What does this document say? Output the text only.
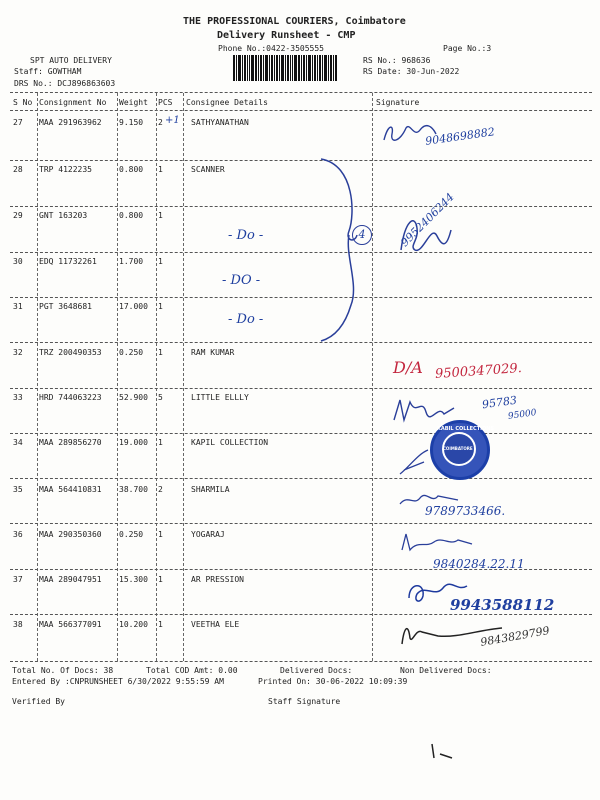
THE PROFESSIONAL COURIERS, Coimbatore
Delivery Runsheet - CMP
Phone No.:0422-3505555	Page No.:3
SPT AUTO DELIVERY
Staff: GOWTHAM
DRS No.: DCJ896863603
RS No.: 968636
RS Date: 30-Jun-2022
S No Consignment No Weight PCS Consignee Details	Signature
27 MAA 291963962 9.150 2	SATHYANATHAN
28 TRP 4122235	0.800 1	SCANNER
29 GNT 163203	0.800 1
30 EDQ 11732261	1.700 1
31 PGT 3648681	17.000 1
32 TRZ 200490353 0.250 1	RAM KUMAR
33 HRD 744063223 52.900 5	LITTLE ELLLY
34 MAA 289856270 19.000 1	KAPIL COLLECTION
35 MAA 564410831 38.700 2	SHARMILA
36 MAA 290350360 0.250 1	YOGARAJ
37 MAA 289047951 15.300 1	AR PRESSION
38 MAA 566377091 10.200 1	VEETHA ELE
+1
9048698882
4
- Do -
- DO -
- Do -
9952406244
D/A 9500347029.
95783
95000
KABIL COLLECTIONS
COIMBATORE
9789733466.
9840284.22.11
9943588112
9843829799
Total No. Of Docs: 38	Total COD Amt: 0.00	Delivered Docs:	Non Delivered Docs:
Entered By :CNPRUNSHEET 6/30/2022 9:55:59 AM	Printed On: 30-06-2022 10:09:39
Verified By	Staff Signature
